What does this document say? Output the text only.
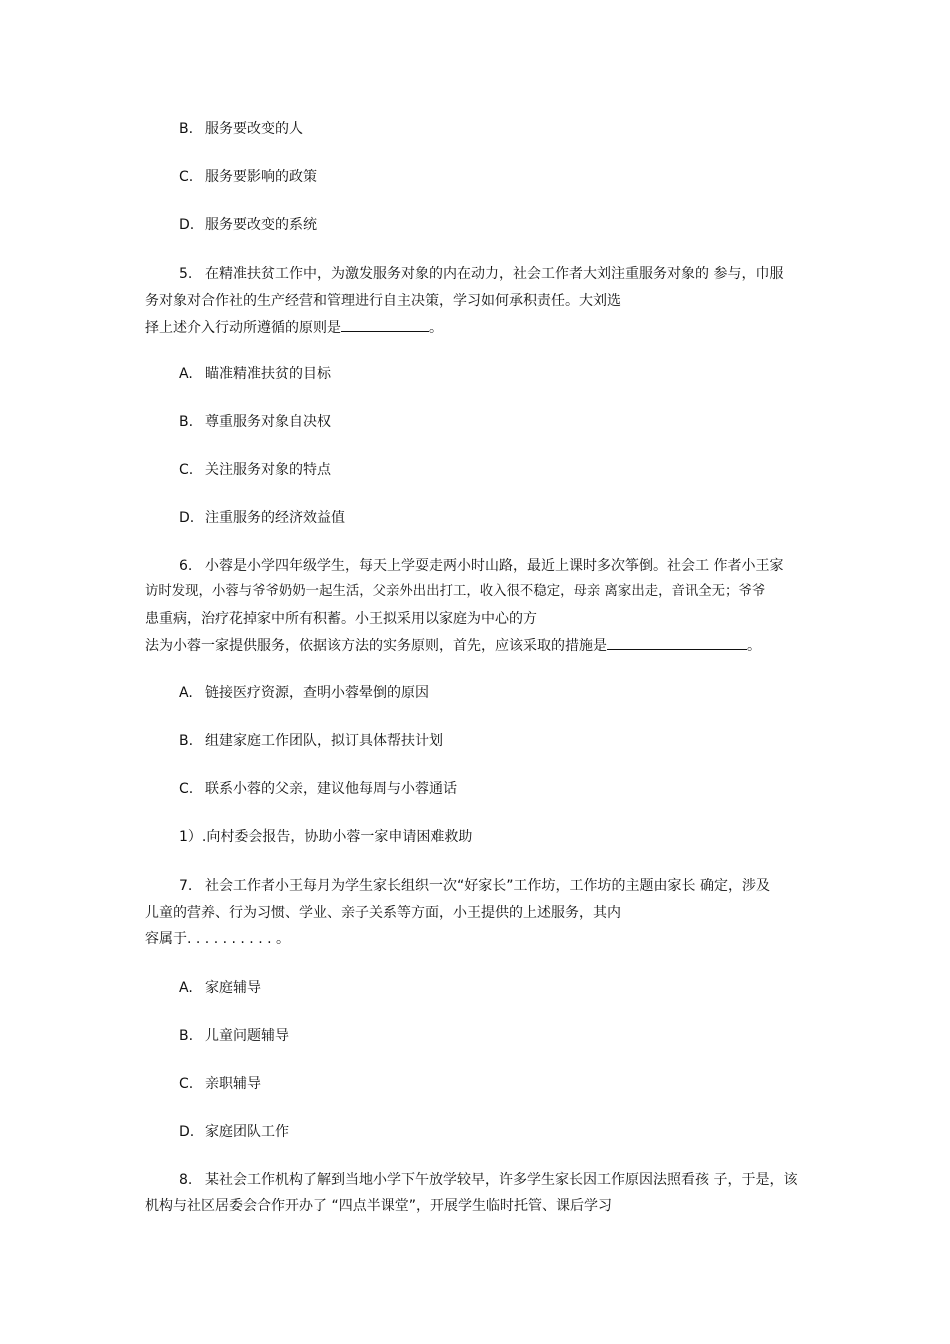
B. 服务要改变的人
C. 服务要影响的政策
D. 服务要改变的系统
5. 在精准扶贫工作中，为激发服务对象的内在动力，社会工作者大刘注重服务对象的 参与，巾服
务对象对合作社的生产经营和管理进行自主决策，学习如何承积责任。大刘选
择上述介入行动所遵循的原则是	。
A. 瞄准精准扶贫的目标
B. 尊重服务对象自决权
C. 关注服务对象的特点
D. 注重服务的经济效益值
6. 小蓉是小学四年级学生，每天上学耍走两小时山路，最近上课时多次筝倒。社会工 作者小王家
访时发现，小蓉与爷爷奶奶一起生活，父亲外出出打工，收入很不稳定，母亲 离家出走，音讯全无；爷爷
患重病，治疗花掉家中所有积蓄。小王拟采用以家庭为中心的方
法为小蓉一家提供服务，依据该方法的实务原则，首先，应该采取的措施是	。
A. 链接医疗资源，查明小蓉晕倒的原因
B. 组建家庭工作团队，拟订具体帮扶计划
C. 联系小蓉的父亲，建议他每周与小蓉通话
1）.向村委会报告，协助小蓉一家申请困难救助
7. 社会工作者小王每月为学生家长组织一次“好家长”工作坊，工作坊的主题由家长 确定，涉及
儿童的营养、行为习惯、学业、亲子关系等方面，小王提供的上述服务，其内
容属于. . . . . . . . . . 。
A. 家庭辅导
B. 儿童问题辅导
C. 亲职辅导
D. 家庭团队工作
8. 某社会工作机构了解到当地小学下午放学较早，许多学生家长因工作原因法照看孩 子，于是，该
机构与社区居委会合作开办了 “四点半课堂”，开展学生临时托管、课后学习
